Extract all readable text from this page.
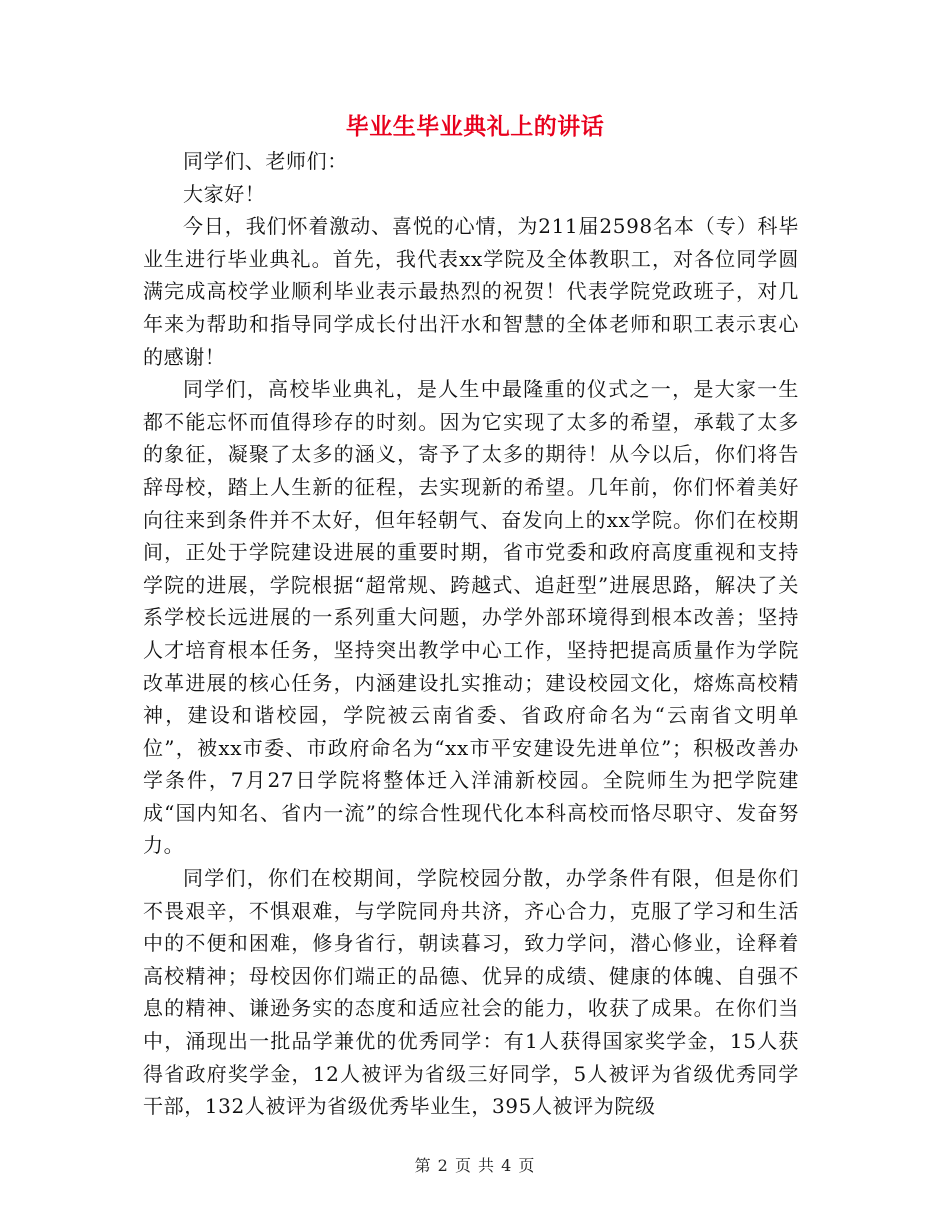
毕业生毕业典礼上的讲话

同学们、老师们：

大家好！

今日，我们怀着激动、喜悦的心情，为211届2598名本（专）科毕业生进行毕业典礼。首先，我代表xx学院及全体教职工，对各位同学圆满完成高校学业顺利毕业表示最热烈的祝贺！代表学院党政班子，对几年来为帮助和指导同学成长付出汗水和智慧的全体老师和职工表示衷心的感谢！

同学们，高校毕业典礼，是人生中最隆重的仪式之一，是大家一生都不能忘怀而值得珍存的时刻。因为它实现了太多的希望，承载了太多的象征，凝聚了太多的涵义，寄予了太多的期待！从今以后，你们将告辞母校，踏上人生新的征程，去实现新的希望。几年前，你们怀着美好向往来到条件并不太好，但年轻朝气、奋发向上的xx学院。你们在校期间，正处于学院建设进展的重要时期，省市党委和政府高度重视和支持学院的进展，学院根据“超常规、跨越式、追赶型”进展思路，解决了关系学校长远进展的一系列重大问题，办学外部环境得到根本改善；坚持人才培育根本任务，坚持突出教学中心工作，坚持把提高质量作为学院改革进展的核心任务，内涵建设扎实推动；建设校园文化，熔炼高校精神，建设和谐校园，学院被云南省委、省政府命名为“云南省文明单位”，被xx市委、市政府命名为“xx市平安建设先进单位”；积极改善办学条件，7月27日学院将整体迁入洋浦新校园。全院师生为把学院建成“国内知名、省内一流”的综合性现代化本科高校而恪尽职守、发奋努力。

同学们，你们在校期间，学院校园分散，办学条件有限，但是你们不畏艰辛，不惧艰难，与学院同舟共济，齐心合力，克服了学习和生活中的不便和困难，修身省行，朝读暮习，致力学问，潜心修业，诠释着高校精神；母校因你们端正的品德、优异的成绩、健康的体魄、自强不息的精神、谦逊务实的态度和适应社会的能力，收获了成果。在你们当中，涌现出一批品学兼优的优秀同学：有1人获得国家奖学金，15人获得省政府奖学金，12人被评为省级三好同学，5人被评为省级优秀同学干部，132人被评为省级优秀毕业生，395人被评为院级

第 2 页 共 4 页
